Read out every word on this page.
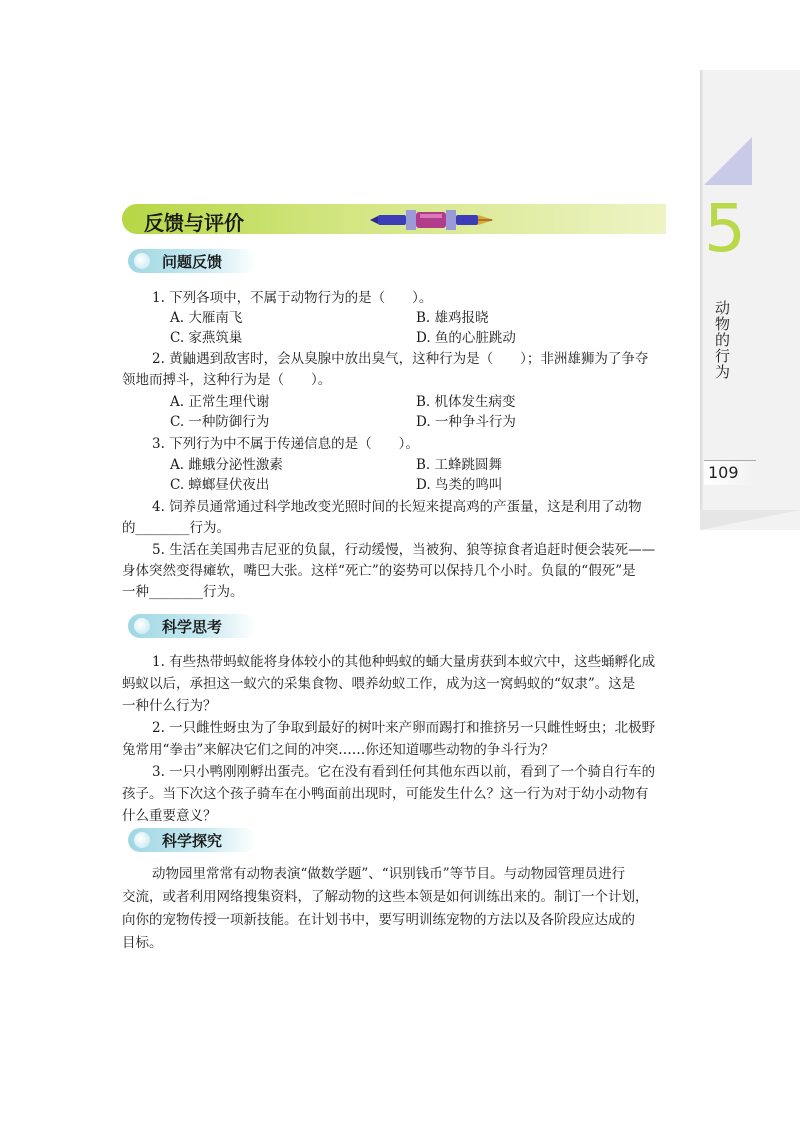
5
动物的行为
109
反馈与评价
问题反馈
1. 下列各项中，不属于动物行为的是（　　）。
A. 大雁南飞	B. 雄鸡报晓
C. 家燕筑巢	D. 鱼的心脏跳动
2. 黄鼬遇到敌害时，会从臭腺中放出臭气，这种行为是（　　）；非洲雄狮为了争夺
领地而搏斗，这种行为是（　　）。
A. 正常生理代谢	B. 机体发生病变
C. 一种防御行为	D. 一种争斗行为
3. 下列行为中不属于传递信息的是（　　）。
A. 雌蛾分泌性激素	B. 工蜂跳圆舞
C. 蟑螂昼伏夜出	D. 鸟类的鸣叫
4. 饲养员通常通过科学地改变光照时间的长短来提高鸡的产蛋量，这是利用了动物
的________行为。
5. 生活在美国弗吉尼亚的负鼠，行动缓慢，当被狗、狼等掠食者追赶时便会装死——
身体突然变得瘫软，嘴巴大张。这样“死亡”的姿势可以保持几个小时。负鼠的“假死”是
一种________行为。
科学思考
1. 有些热带蚂蚁能将身体较小的其他种蚂蚁的蛹大量虏获到本蚁穴中，这些蛹孵化成
蚂蚁以后，承担这一蚁穴的采集食物、喂养幼蚁工作，成为这一窝蚂蚁的“奴隶”。这是
一种什么行为？
2. 一只雌性蚜虫为了争取到最好的树叶来产卵而踢打和推挤另一只雌性蚜虫；北极野
兔常用“拳击”来解决它们之间的冲突……你还知道哪些动物的争斗行为？
3. 一只小鸭刚刚孵出蛋壳。它在没有看到任何其他东西以前，看到了一个骑自行车的
孩子。当下次这个孩子骑车在小鸭面前出现时，可能发生什么？这一行为对于幼小动物有
什么重要意义？
科学探究
动物园里常常有动物表演“做数学题”、“识别钱币”等节目。与动物园管理员进行
交流，或者利用网络搜集资料，了解动物的这些本领是如何训练出来的。制订一个计划，
向你的宠物传授一项新技能。在计划书中，要写明训练宠物的方法以及各阶段应达成的
目标。
